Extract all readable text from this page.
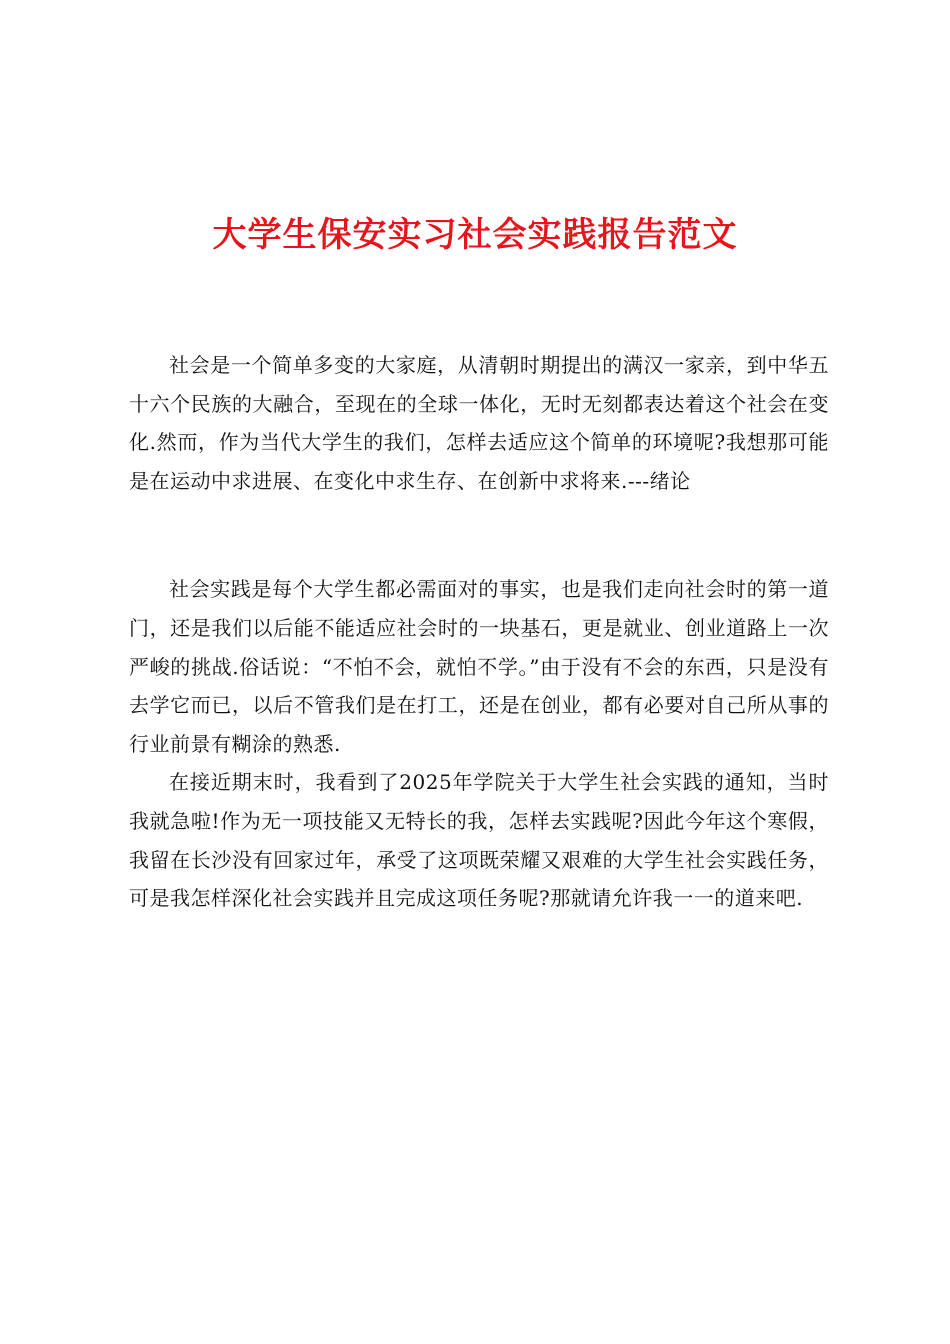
大学生保安实习社会实践报告范文

社会是一个简单多变的大家庭，从清朝时期提出的满汉一家亲，到中华五十六个民族的大融合，至现在的全球一体化，无时无刻都表达着这个社会在变化.然而，作为当代大学生的我们，怎样去适应这个简单的环境呢?我想那可能是在运动中求进展、在变化中求生存、在创新中求将来.---绪论

社会实践是每个大学生都必需面对的事实，也是我们走向社会时的第一道门，还是我们以后能不能适应社会时的一块基石，更是就业、创业道路上一次严峻的挑战.俗话说：“不怕不会，就怕不学。”由于没有不会的东西，只是没有去学它而已，以后不管我们是在打工，还是在创业，都有必要对自己所从事的行业前景有糊涂的熟悉.

在接近期末时，我看到了2025年学院关于大学生社会实践的通知，当时我就急啦!作为无一项技能又无特长的我，怎样去实践呢?因此今年这个寒假，我留在长沙没有回家过年，承受了这项既荣耀又艰难的大学生社会实践任务，可是我怎样深化社会实践并且完成这项任务呢?那就请允许我一一的道来吧.
